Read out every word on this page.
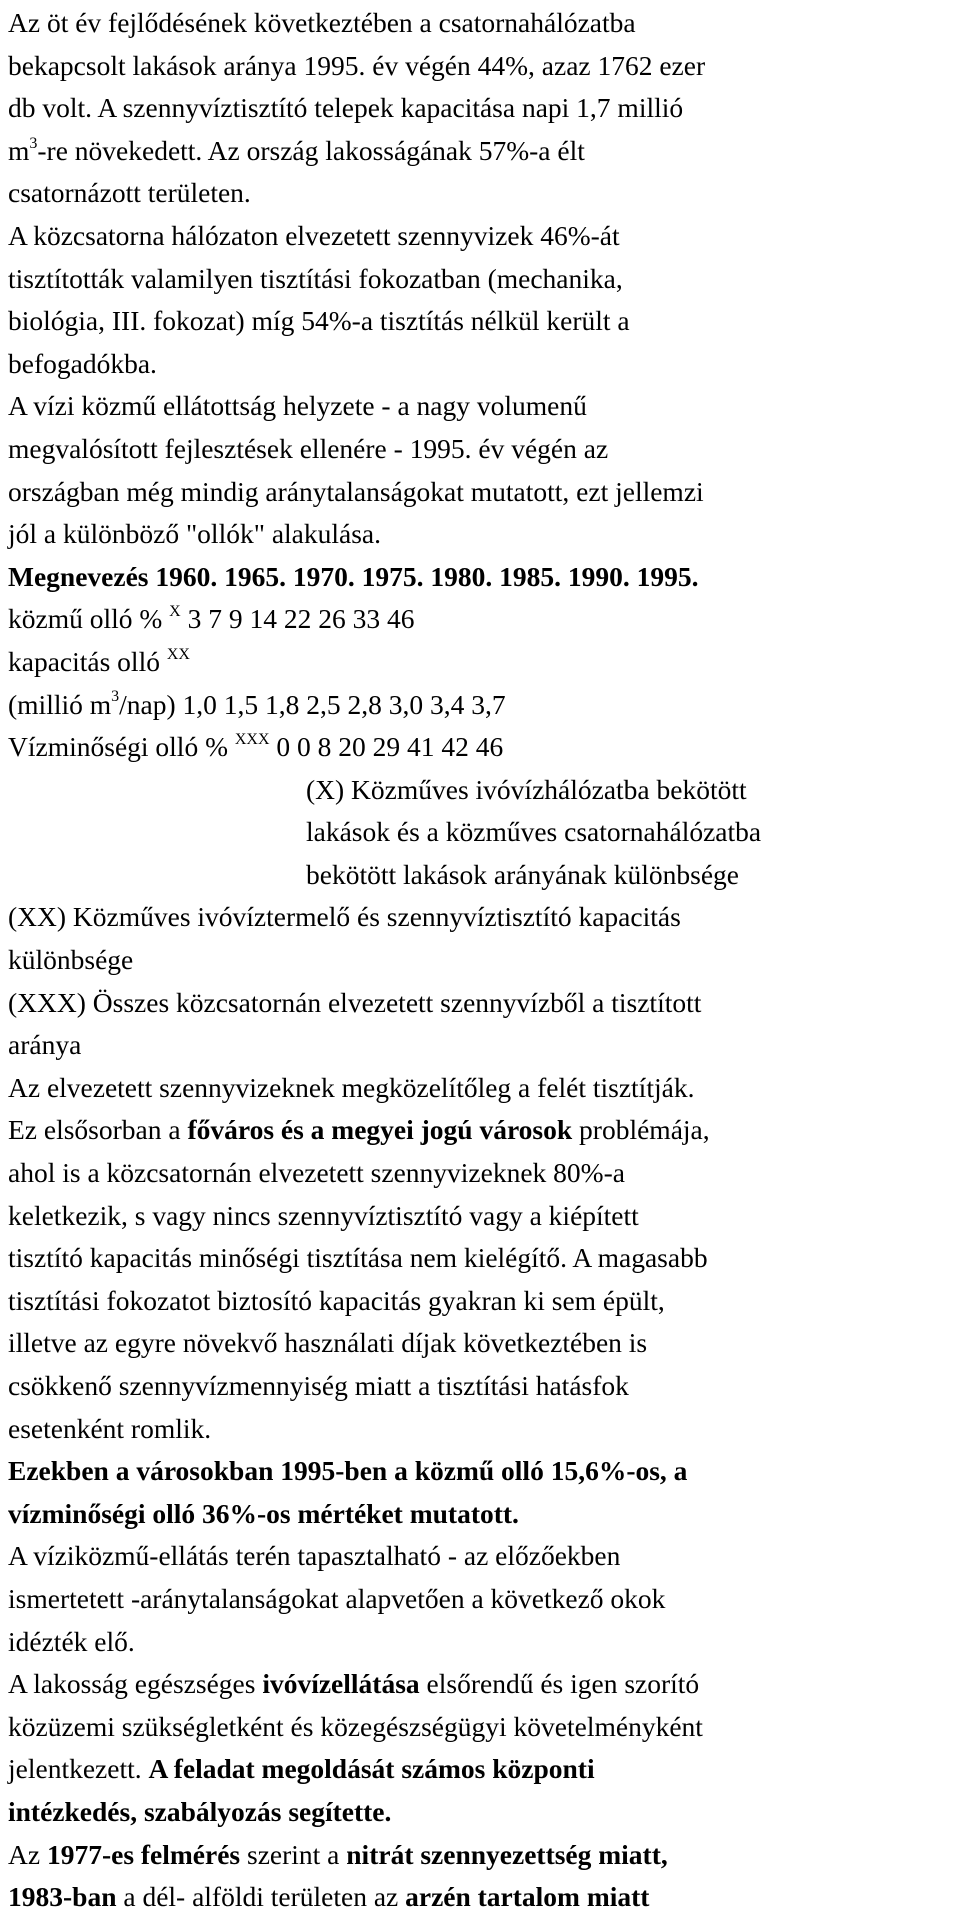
Az öt év fejlődésének következtében a csatornahálózatba
bekapcsolt lakások aránya 1995. év végén 44%, azaz 1762 ezer
db volt. A szennyvíztisztító telepek kapacitása napi 1,7 millió
$m^3-re$ növekedett. Az ország lakosságának 57%-a élt
csatornázott területen.
A közcsatorna hálózaton elvezetett szennyvizek 46%-át
tisztították valamilyen tisztítási fokozatban (mechanika,
biológia, III. fokozat) míg 54%-a tisztítás nélkül került a
befogadókba.
A vízi közmű ellátottság helyzete - a nagy volumenű
megvalósított fejlesztések ellenére - 1995. év végén az
országban még mindig aránytalanságokat mutatott, ezt jellemzi
jól a különböző "ollók" alakulása.
Megnevezés 1960. 1965. 1970. 1975. 1980. 1985. 1990. 1995.
közmű olló % $^X$ 3 7 9 14 22 26 33 46
kapacitás olló $^{XX}$
(millió $m^3/nap$) 1,0 1,5 1,8 2,5 2,8 3,0 3,4 3,7
Vízminőségi olló % $^{XXX}$ 0 0 8 20 29 41 42 46
(X) Közműves ivóvízhálózatba bekötött
lakások és a közműves csatornahálózatba
bekötött lakások arányának különbsége
(XX) Közműves ivóvíztermelő és szennyvíztisztító kapacitás
különbsége
(XXX) Összes közcsatornán elvezetett szennyvízből a tisztított
aránya
Az elvezetett szennyvizeknek megközelítőleg a felét tisztítják.
Ez elsősorban a főváros és a megyei jogú városok problémája,
ahol is a közcsatornán elvezetett szennyvizeknek 80%-a
keletkezik, s vagy nincs szennyvíztisztító vagy a kiépített
tisztító kapacitás minőségi tisztítása nem kielégítő. A magasabb
tisztítási fokozatot biztosító kapacitás gyakran ki sem épült,
illetve az egyre növekvő használati díjak következtében is
csökkenő szennyvízmennyiség miatt a tisztítási hatásfok
esetenként romlik.
Ezekben a városokban 1995-ben a közmű olló 15,6%-os, a
vízminőségi olló 36%-os mértéket mutatott.
A víziközmű-ellátás terén tapasztalható - az előzőekben
ismertetett -aránytalanságokat alapvetően a következő okok
idézték elő.
A lakosság egészséges ivóvízellátása elsőrendű és igen szorító
közüzemi szükségletként és közegészségügyi követelményként
jelentkezett. A feladat megoldását számos központi
intézkedés, szabályozás segítette.
Az 1977-es felmérés szerint a nitrát szennyezettség miatt,
1983-ban a dél- alföldi területen az arzén tartalom miatt
